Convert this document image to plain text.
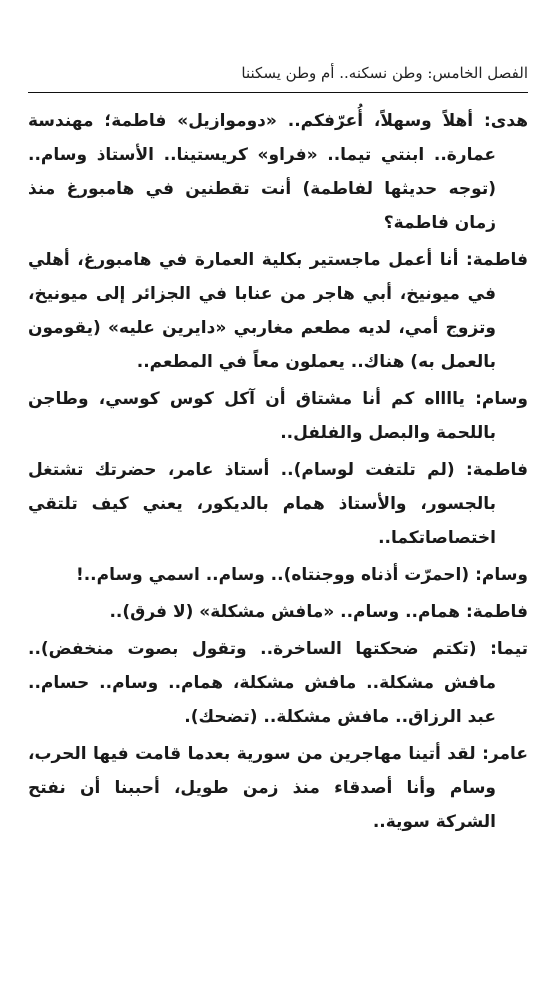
الفصل الخامس: وطن نسكنه.. أم وطن يسكننا

هدى: أهلاً وسهلاً، أُعرّفكم.. «دوموازيل» فاطمة؛ مهندسة عمارة.. ابنتي تيما.. «فراو» كريستينا.. الأستاذ وسام.. (توجه حديثها لفاطمة) أنت تقطنين في هامبورغ منذ زمان فاطمة؟

فاطمة: أنا أعمل ماجستير بكلية العمارة في هامبورغ، أهلي في ميونيخ، أبي هاجر من عنابا في الجزائر إلى ميونيخ، وتزوج أمي، لديه مطعم مغاربي «دايرين عليه» (يقومون بالعمل به) هناك.. يعملون معاً في المطعم..

وسام: يااااه كم أنا مشتاق أن آكل كوس كوسي، وطاجن باللحمة والبصل والفلفل..

فاطمة: (لم تلتفت لوسام).. أستاذ عامر، حضرتك تشتغل بالجسور، والأستاذ همام بالديكور، يعني كيف تلتقي اختصاصاتكما..

وسام: (احمرّت أذناه ووجنتاه).. وسام.. اسمي وسام..!

فاطمة: همام.. وسام.. «مافش مشكلة» (لا فرق)..

تيما: (تكتم ضحكتها الساخرة.. وتقول بصوت منخفض).. مافش مشكلة.. مافش مشكلة، همام.. وسام.. حسام.. عبد الرزاق.. مافش مشكلة.. (تضحك).

عامر: لقد أتينا مهاجرين من سورية بعدما قامت فيها الحرب، وسام وأنا أصدقاء منذ زمن طويل، أحببنا أن نفتح الشركة سوية..
